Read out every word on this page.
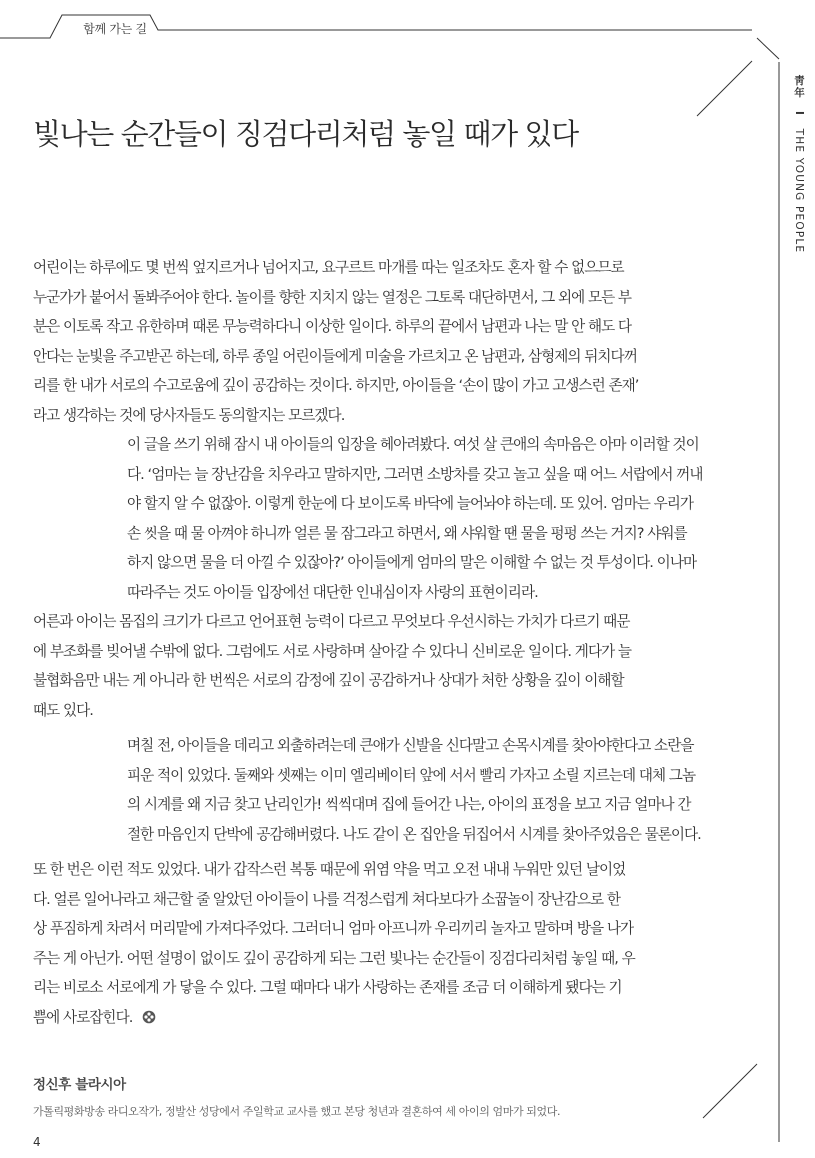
함께 가는 길
靑年 I THE YOUNG PEOPLE
빛나는 순간들이 징검다리처럼 놓일 때가 있다

어린이는 하루에도 몇 번씩 엎지르거나 넘어지고, 요구르트 마개를 따는 일조차도 혼자 할 수 없으므로
누군가가 붙어서 돌봐주어야 한다. 놀이를 향한 지치지 않는 열정은 그토록 대단하면서, 그 외에 모든 부
분은 이토록 작고 유한하며 때론 무능력하다니 이상한 일이다. 하루의 끝에서 남편과 나는 말 안 해도 다
안다는 눈빛을 주고받곤 하는데, 하루 종일 어린이들에게 미술을 가르치고 온 남편과, 삼형제의 뒤치다꺼
리를 한 내가 서로의 수고로움에 깊이 공감하는 것이다. 하지만, 아이들을 ‘손이 많이 가고 고생스런 존재’
라고 생각하는 것에 당사자들도 동의할지는 모르겠다.

이 글을 쓰기 위해 잠시 내 아이들의 입장을 헤아려봤다. 여섯 살 큰애의 속마음은 아마 이러할 것이
다. ‘엄마는 늘 장난감을 치우라고 말하지만, 그러면 소방차를 갖고 놀고 싶을 때 어느 서랍에서 꺼내
야 할지 알 수 없잖아. 이렇게 한눈에 다 보이도록 바닥에 늘어놔야 하는데. 또 있어. 엄마는 우리가
손 씻을 때 물 아껴야 하니까 얼른 물 잠그라고 하면서, 왜 샤워할 땐 물을 펑펑 쓰는 거지? 샤워를
하지 않으면 물을 더 아낄 수 있잖아?’ 아이들에게 엄마의 말은 이해할 수 없는 것 투성이다. 이나마
따라주는 것도 아이들 입장에선 대단한 인내심이자 사랑의 표현이리라.

어른과 아이는 몸집의 크기가 다르고 언어표현 능력이 다르고 무엇보다 우선시하는 가치가 다르기 때문
에 부조화를 빚어낼 수밖에 없다. 그럼에도 서로 사랑하며 살아갈 수 있다니 신비로운 일이다. 게다가 늘
불협화음만 내는 게 아니라 한 번씩은 서로의 감정에 깊이 공감하거나 상대가 처한 상황을 깊이 이해할
때도 있다.

며칠 전, 아이들을 데리고 외출하려는데 큰애가 신발을 신다말고 손목시계를 찾아야한다고 소란을
피운 적이 있었다. 둘째와 셋째는 이미 엘리베이터 앞에 서서 빨리 가자고 소릴 지르는데 대체 그놈
의 시계를 왜 지금 찾고 난리인가! 씩씩대며 집에 들어간 나는, 아이의 표정을 보고 지금 얼마나 간
절한 마음인지 단박에 공감해버렸다. 나도 같이 온 집안을 뒤집어서 시계를 찾아주었음은 물론이다.

또 한 번은 이런 적도 있었다. 내가 갑작스런 복통 때문에 위염 약을 먹고 오전 내내 누워만 있던 날이었
다. 얼른 일어나라고 채근할 줄 알았던 아이들이 나를 걱정스럽게 쳐다보다가 소꿉놀이 장난감으로 한
상 푸짐하게 차려서 머리맡에 가져다주었다. 그러더니 엄마 아프니까 우리끼리 놀자고 말하며 방을 나가
주는 게 아닌가. 어떤 설명이 없이도 깊이 공감하게 되는 그런 빛나는 순간들이 징검다리처럼 놓일 때, 우
리는 비로소 서로에게 가 닿을 수 있다. 그럴 때마다 내가 사랑하는 존재를 조금 더 이해하게 됐다는 기
쁨에 사로잡힌다.

정신후 블라시아
가톨릭평화방송 라디오작가, 정발산 성당에서 주일학교 교사를 했고 본당 청년과 결혼하여 세 아이의 엄마가 되었다.
4
